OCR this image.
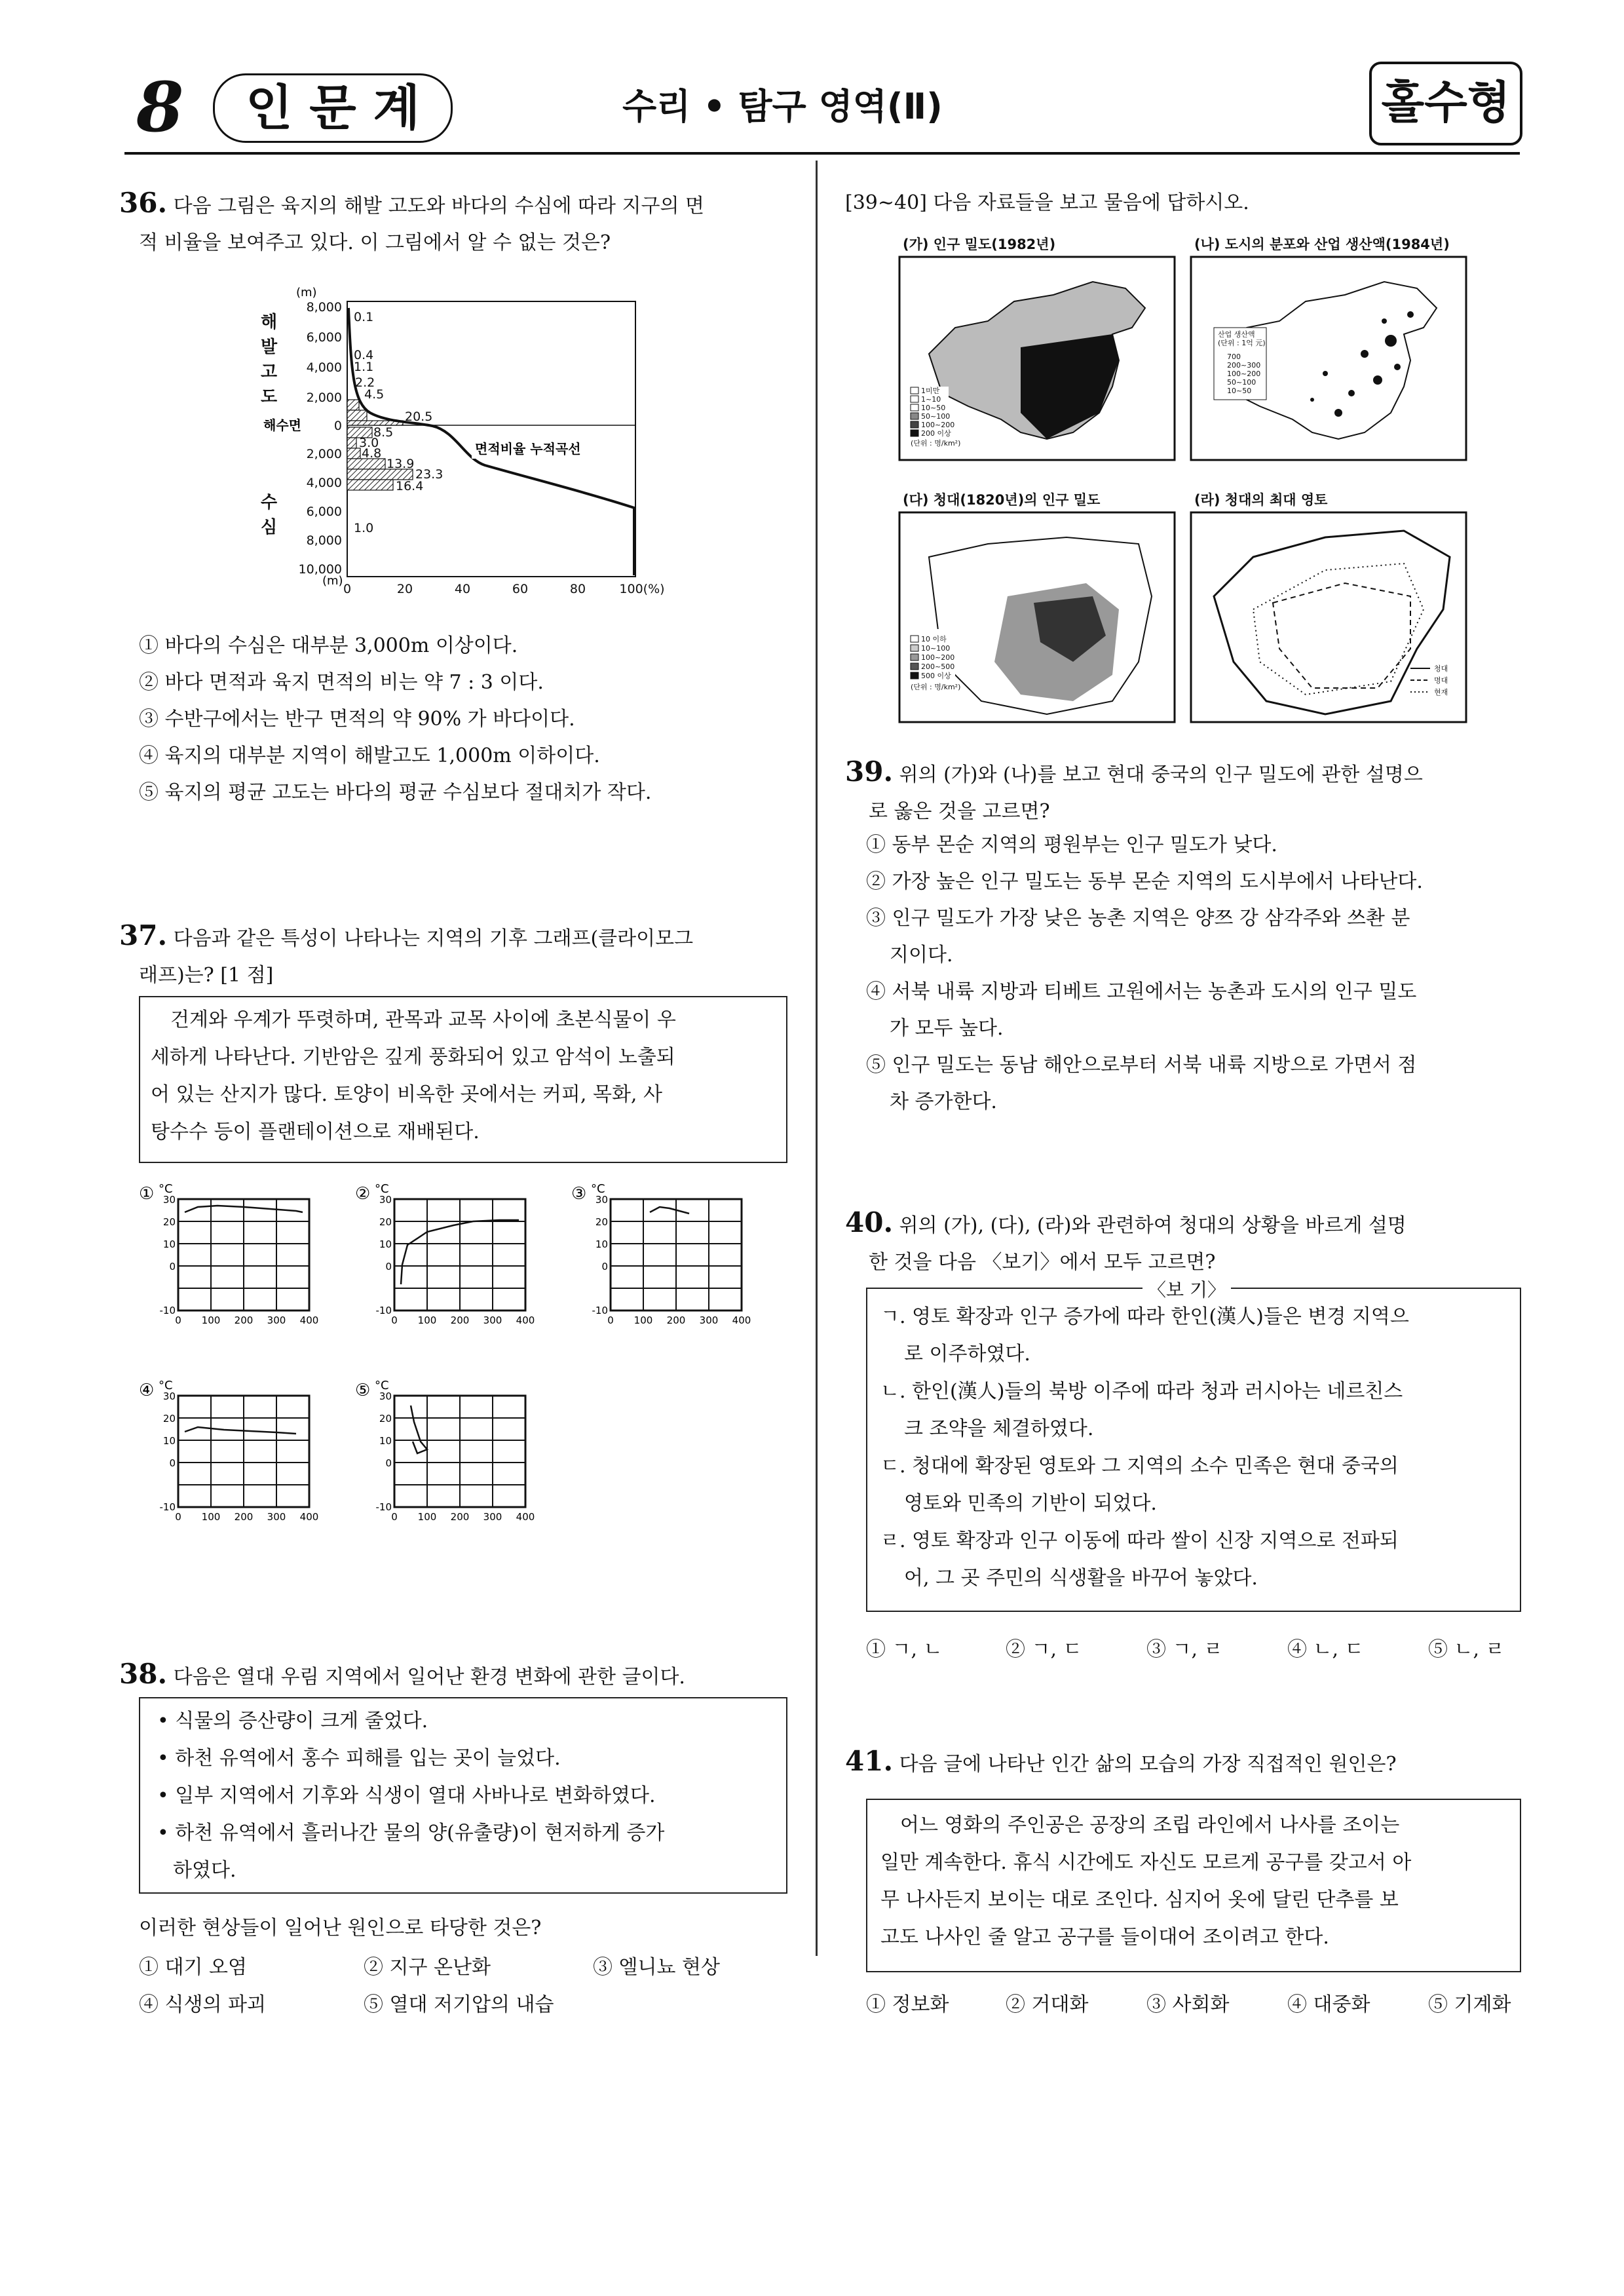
8	인 문 계	수리 • 탐구 영역(Ⅱ)	홀수형
36. 다음 그림은 육지의 해발 고도와 바다의 수심에 따라 지구의 면
적 비율을 보여주고 있다. 이 그림에서 알 수 없는 것은?
해
발
고
도
수
심
(m)
해수면
8,000
6,000
4,000
2,000
0
2,000
4,000
6,000
8,000
10,000
(m)
0.1
0.4
1.1
2.2
4.5
20.5
8.5
3.0
4.8
13.9
23.3
16.4
1.0
면적비율 누적곡선
0	20	40	60	80	100(%)
① 바다의 수심은 대부분 3,000m 이상이다.
② 바다 면적과 육지 면적의 비는 약 7 : 3 이다.
③ 수반구에서는 반구 면적의 약 90% 가 바다이다.
④ 육지의 대부분 지역이 해발고도 1,000m 이하이다.
⑤ 육지의 평균 고도는 바다의 평균 수심보다 절대치가 작다.
37. 다음과 같은 특성이 나타나는 지역의 기후 그래프(클라이모그
래프)는? [1 점]
건계와 우계가 뚜렷하며, 관목과 교목 사이에 초본식물이 우
세하게 나타난다. 기반암은 깊게 풍화되어 있고 암석이 노출되
어 있는 산지가 많다. 토양이 비옥한 곳에서는 커피, 목화, 사
탕수수 등이 플랜테이션으로 재배된다.
①	②	③
④	⑤
38. 다음은 열대 우림 지역에서 일어난 환경 변화에 관한 글이다.
• 식물의 증산량이 크게 줄었다.
• 하천 유역에서 홍수 피해를 입는 곳이 늘었다.
• 일부 지역에서 기후와 식생이 열대 사바나로 변화하였다.
• 하천 유역에서 흘러나간 물의 양(유출량)이 현저하게 증가
하였다.
이러한 현상들이 일어난 원인으로 타당한 것은?
① 대기 오염	② 지구 온난화	③ 엘니뇨 현상
④ 식생의 파괴	⑤ 열대 저기압의 내습
[39∼40] 다음 자료들을 보고 물음에 답하시오.
(가) 인구 밀도(1982년)	(나) 도시의 분포와 산업 생산액(1984년)
(다) 청대(1820년)의 인구 밀도	(라) 청대의 최대 영토
1미만
1~10
10~50
50~100
100~200
200 이상
(단위 : 명/km²)
산업 생산액
(단위 : 1억 元)
700
200~300
100~200
50~100
10~50
10 이하
10~100
100~200
200~500
500 이상
(단위 : 명/km²)
청대
명대
현재
39. 위의 (가)와 (나)를 보고 현대 중국의 인구 밀도에 관한 설명으
로 옳은 것을 고르면?
① 동부 몬순 지역의 평원부는 인구 밀도가 낮다.
② 가장 높은 인구 밀도는 동부 몬순 지역의 도시부에서 나타난다.
③ 인구 밀도가 가장 낮은 농촌 지역은 양쯔 강 삼각주와 쓰촨 분
지이다.
④ 서북 내륙 지방과 티베트 고원에서는 농촌과 도시의 인구 밀도
가 모두 높다.
⑤ 인구 밀도는 동남 해안으로부터 서북 내륙 지방으로 가면서 점
차 증가한다.
40. 위의 (가), (다), (라)와 관련하여 청대의 상황을 바르게 설명
한 것을 다음 〈보기〉에서 모두 고르면?
〈보 기〉
ㄱ. 영토 확장과 인구 증가에 따라 한인(漢人)들은 변경 지역으
로 이주하였다.
ㄴ. 한인(漢人)들의 북방 이주에 따라 청과 러시아는 네르친스
크 조약을 체결하였다.
ㄷ. 청대에 확장된 영토와 그 지역의 소수 민족은 현대 중국의
영토와 민족의 기반이 되었다.
ㄹ. 영토 확장과 인구 이동에 따라 쌀이 신장 지역으로 전파되
어, 그 곳 주민의 식생활을 바꾸어 놓았다.
① ㄱ, ㄴ	② ㄱ, ㄷ	③ ㄱ, ㄹ	④ ㄴ, ㄷ	⑤ ㄴ, ㄹ
41. 다음 글에 나타난 인간 삶의 모습의 가장 직접적인 원인은?
어느 영화의 주인공은 공장의 조립 라인에서 나사를 조이는
일만 계속한다. 휴식 시간에도 자신도 모르게 공구를 갖고서 아
무 나사든지 보이는 대로 조인다. 심지어 옷에 달린 단추를 보
고도 나사인 줄 알고 공구를 들이대어 조이려고 한다.
① 정보화	② 거대화	③ 사회화	④ 대중화	⑤ 기계화
